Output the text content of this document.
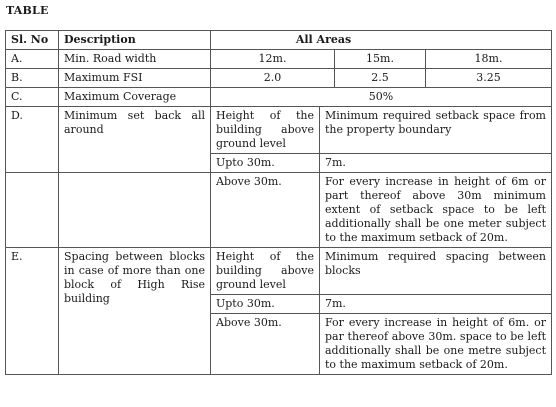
TABLE
Sl. No	Description	All Areas			
A.	Min. Road width	12m.		15m.	18m.
B.	Maximum FSI	2.0		2.5	3.25
C.	Maximum Coverage	50%			
D.	Minimum set back all around	Height of the building above ground level	Minimum required setback space from the property boundary		
		Upto 30m.	7m.		
		Above 30m.	For every increase in height of 6m or part thereof above 30m minimum extent of setback space to be left additionally shall be one meter subject to the maximum setback of 20m.		
E.	Spacing between blocks in case of more than one block of High Rise building	Height of the building above ground level	Minimum required spacing between blocks		
		Upto 30m.	7m.		
		Above 30m.	For every increase in height of 6m. or par thereof above 30m. space to be left additionally shall be one metre subject to the maximum setback of 20m.		
